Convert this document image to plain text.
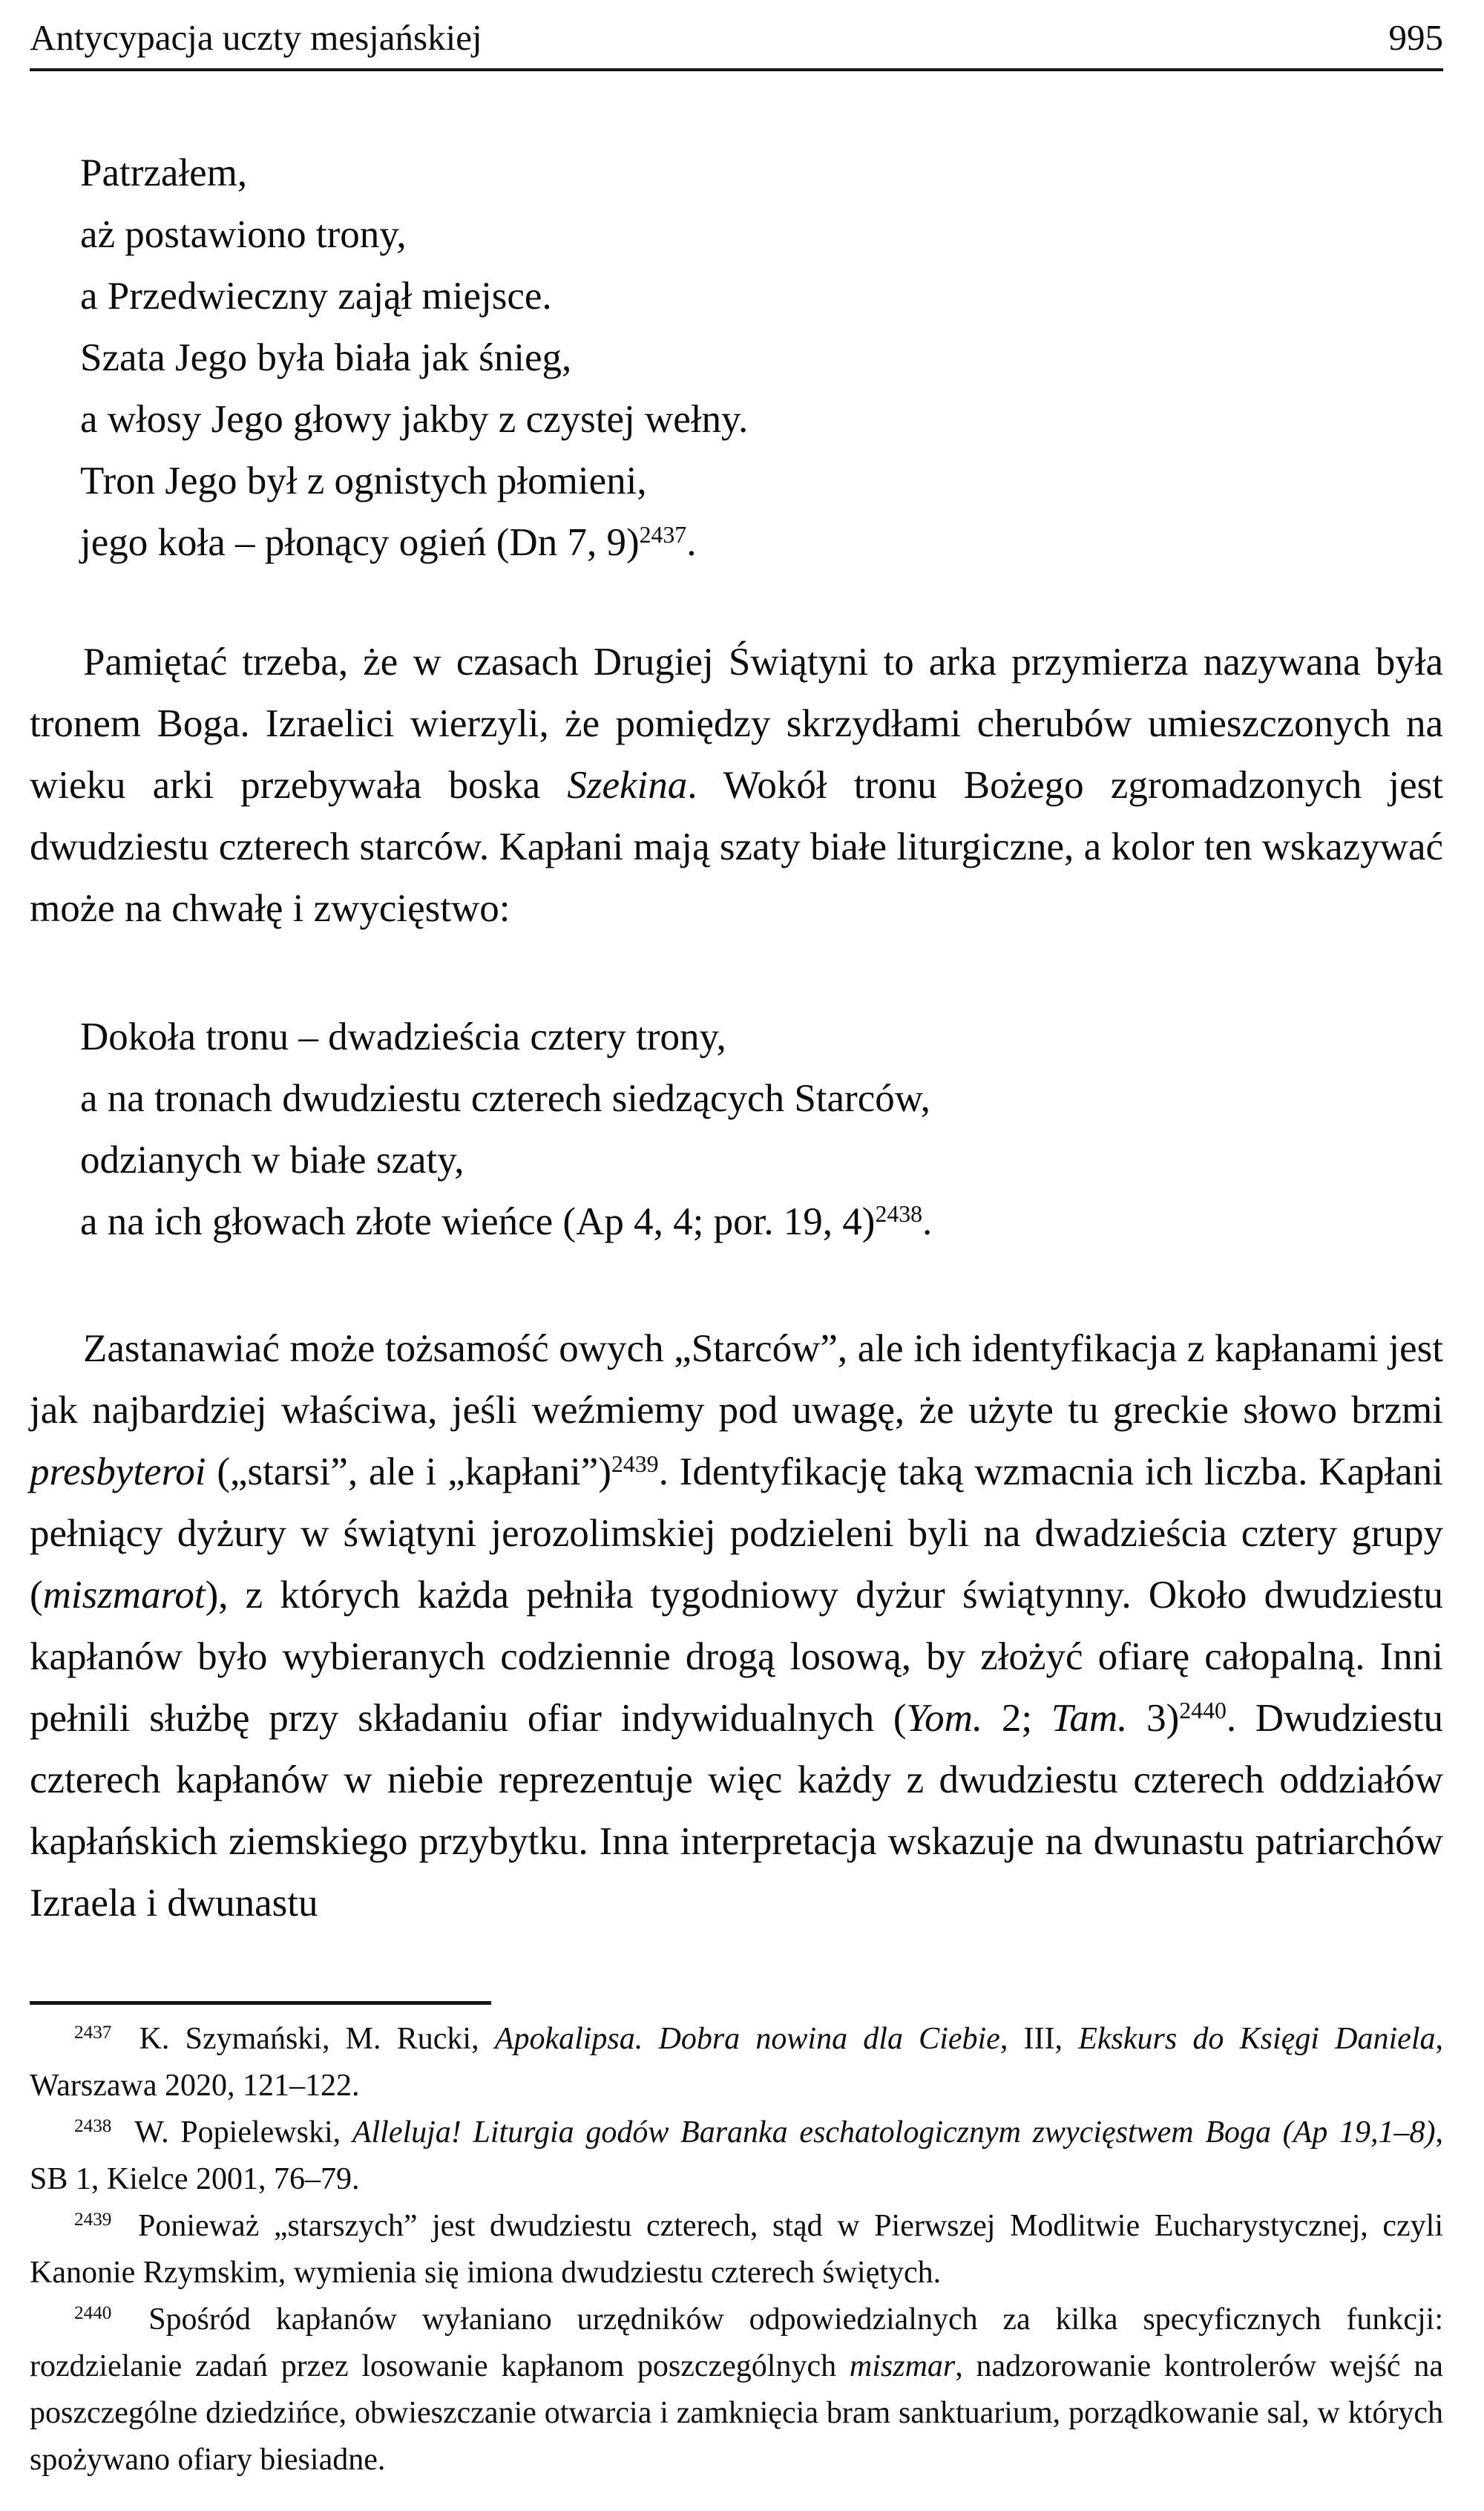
Antycypacja uczty mesjańskiej	995
Patrzałem,
aż postawiono trony,
a Przedwieczny zajął miejsce.
Szata Jego była biała jak śnieg,
a włosy Jego głowy jakby z czystej wełny.
Tron Jego był z ognistych płomieni,
jego koła – płonący ogień (Dn 7, 9)$^{2437}$.

Pamiętać trzeba, że w czasach Drugiej Świątyni to arka przymierza nazywana była tronem Boga. Izraelici wierzyli, że pomiędzy skrzydłami cherubów umieszczonych na wieku arki przebywała boska Szekina. Wokół tronu Bożego zgromadzonych jest dwudziestu czterech starców. Kapłani mają szaty białe liturgiczne, a kolor ten wskazywać może na chwałę i zwycięstwo:

Dokoła tronu – dwadzieścia cztery trony,
a na tronach dwudziestu czterech siedzących Starców,
odzianych w białe szaty,
a na ich głowach złote wieńce (Ap 4, 4; por. 19, 4)$^{2438}$.

Zastanawiać może tożsamość owych „Starców”, ale ich identyfikacja z kapłanami jest jak najbardziej właściwa, jeśli weźmiemy pod uwagę, że użyte tu greckie słowo brzmi presbyteroi („starsi”, ale i „kapłani”)$^{2439}$. Identyfikację taką wzmacnia ich liczba. Kapłani pełniący dyżury w świątyni jerozolimskiej podzieleni byli na dwadzieścia cztery grupy (miszmarot), z których każda pełniła tygodniowy dyżur świątynny. Około dwudziestu kapłanów było wybieranych codziennie drogą losową, by złożyć ofiarę całopalną. Inni pełnili służbę przy składaniu ofiar indywidualnych (Yom. 2; Tam. 3)$^{2440}$. Dwudziestu czterech kapłanów w niebie reprezentuje więc każdy z dwudziestu czterech oddziałów kapłańskich ziemskiego przybytku. Inna interpretacja wskazuje na dwunastu patriarchów Izraela i dwunastu

$^{2437}$ K. Szymański, M. Rucki, Apokalipsa. Dobra nowina dla Ciebie, III, Ekskurs do Księgi Daniela, Warszawa 2020, 121–122.

$^{2438}$ W. Popielewski, Alleluja! Liturgia godów Baranka eschatologicznym zwycięstwem Boga (Ap 19,1–8), SB 1, Kielce 2001, 76–79.

$^{2439}$ Ponieważ „starszych” jest dwudziestu czterech, stąd w Pierwszej Modlitwie Eucharystycznej, czyli Kanonie Rzymskim, wymienia się imiona dwudziestu czterech świętych.

$^{2440}$ Spośród kapłanów wyłaniano urzędników odpowiedzialnych za kilka specyficznych funkcji: rozdzielanie zadań przez losowanie kapłanom poszczególnych miszmar, nadzorowanie kontrolerów wejść na poszczególne dziedzińce, obwieszczanie otwarcia i zamknięcia bram sanktuarium, porządkowanie sal, w których spożywano ofiary biesiadne.
